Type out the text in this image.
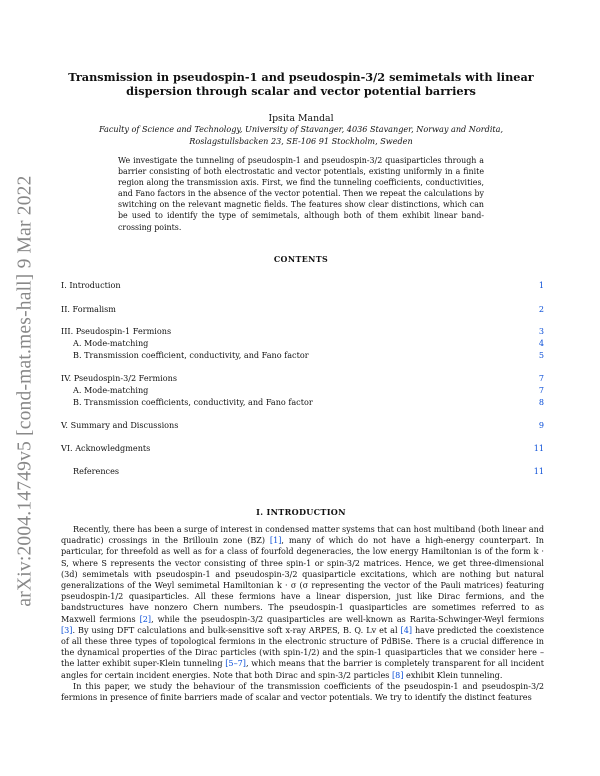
arXiv:2004.14749v5 [cond-mat.mes-hall] 9 Mar 2022
Transmission in pseudospin-1 and pseudospin-3/2 semimetals with linear dispersion through scalar and vector potential barriers
Ipsita Mandal
Faculty of Science and Technology, University of Stavanger, 4036 Stavanger, Norway and Nordita, Roslagstullsbacken 23, SE-106 91 Stockholm, Sweden
We investigate the tunneling of pseudospin-1 and pseudospin-3/2 quasiparticles through a barrier consisting of both electrostatic and vector potentials, existing uniformly in a finite region along the transmission axis. First, we find the tunneling coefficients, conductivities, and Fano factors in the absence of the vector potential. Then we repeat the calculations by switching on the relevant magnetic fields. The features show clear distinctions, which can be used to identify the type of semimetals, although both of them exhibit linear band-crossing points.
CONTENTS
I. Introduction	1
II. Formalism	2
III. Pseudospin-1 Fermions	3
A. Mode-matching	4
B. Transmission coefficient, conductivity, and Fano factor	5
IV. Pseudospin-3/2 Fermions	7
A. Mode-matching	7
B. Transmission coefficients, conductivity, and Fano factor	8
V. Summary and Discussions	9
VI. Acknowledgments	11
References	11
I. INTRODUCTION

Recently, there has been a surge of interest in condensed matter systems that can host multiband (both linear and quadratic) crossings in the Brillouin zone (BZ) [1], many of which do not have a high-energy counterpart. In particular, for threefold as well as for a class of fourfold degeneracies, the low energy Hamiltonian is of the form k · S, where S represents the vector consisting of three spin-1 or spin-3/2 matrices. Hence, we get three-dimensional (3d) semimetals with pseudospin-1 and pseudospin-3/2 quasiparticle excitations, which are nothing but natural generalizations of the Weyl semimetal Hamiltonian k · σ (σ representing the vector of the Pauli matrices) featuring pseudospin-1/2 quasiparticles. All these fermions have a linear dispersion, just like Dirac fermions, and the bandstructures have nonzero Chern numbers. The pseudospin-1 quasiparticles are sometimes referred to as Maxwell fermions [2], while the pseudospin-3/2 quasiparticles are well-known as Rarita-Schwinger-Weyl fermions [3]. By using DFT calculations and bulk-sensitive soft x-ray ARPES, B. Q. Lv et al [4] have predicted the coexistence of all these three types of topological fermions in the electronic structure of PdBiSe. There is a crucial difference in the dynamical properties of the Dirac particles (with spin-1/2) and the spin-1 quasiparticles that we consider here – the latter exhibit super-Klein tunneling [5–7], which means that the barrier is completely transparent for all incident angles for certain incident energies. Note that both Dirac and spin-3/2 particles [8] exhibit Klein tunneling.

In this paper, we study the behaviour of the transmission coefficients of the pseudospin-1 and pseudospin-3/2 fermions in presence of finite barriers made of scalar and vector potentials. We try to identify the distinct features
